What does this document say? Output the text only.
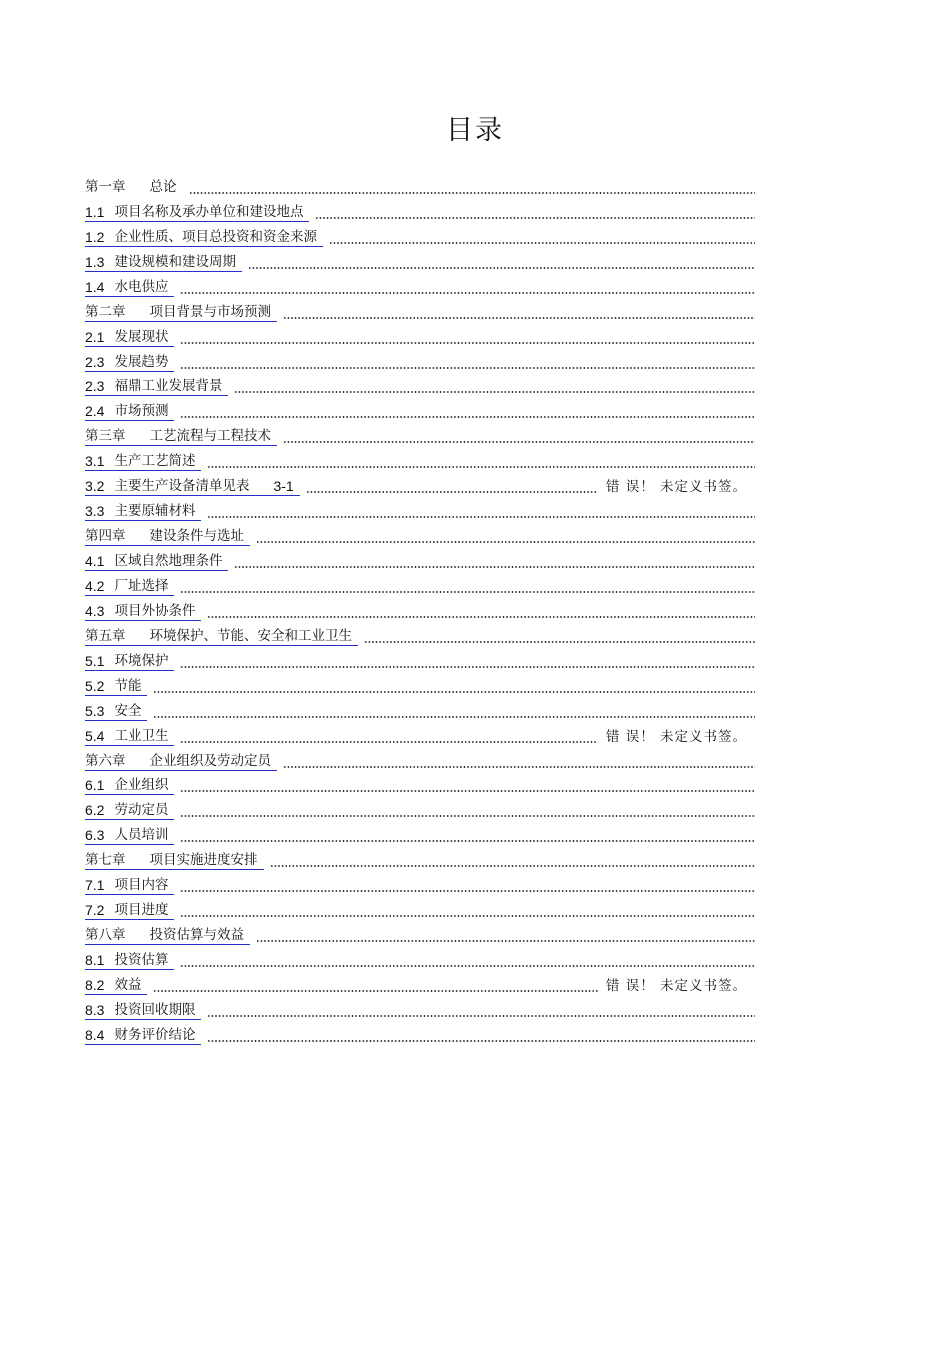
目录
第一章 总论
1.1 项目名称及承办单位和建设地点
1.2 企业性质、项目总投资和资金来源
1.3 建设规模和建设周期
1.4 水电供应
第二章 项目背景与市场预测
2.1 发展现状
2.3 发展趋势
2.3 福鼎工业发展背景
2.4 市场预测
第三章 工艺流程与工程技术
3.1 生产工艺简述
3.2 主要生产设备清单见表 3-1	错 误！ 未定义书签。
3.3 主要原辅材料
第四章 建设条件与选址
4.1 区域自然地理条件
4.2 厂址选择
4.3 项目外协条件
第五章 环境保护、节能、安全和工业卫生
5.1 环境保护
5.2 节能
5.3 安全
5.4 工业卫生	错 误！ 未定义书签。
第六章 企业组织及劳动定员
6.1 企业组织
6.2 劳动定员
6.3 人员培训
第七章 项目实施进度安排
7.1 项目内容
7.2 项目进度
第八章 投资估算与效益
8.1 投资估算
8.2 效益	错 误！ 未定义书签。
8.3 投资回收期限
8.4 财务评价结论
